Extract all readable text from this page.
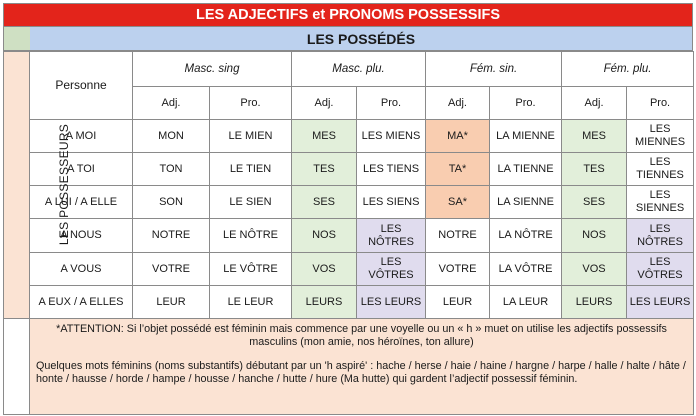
LES ADJECTIFS et PRONOMS POSSESSIFS
LES POSSÉDÉS
LES POSSESSEURS	Personne	Masc. sing		Masc. plu.		Fém. sin.		Fém. plu.	
		Adj.	Pro.	Adj.	Pro.	Adj.	Pro.	Adj.	Pro.
	A MOI	MON	LE MIEN	MES	LES MIENS	MA*	LA MIENNE	MES	LES MIENNES
	A TOI	TON	LE TIEN	TES	LES TIENS	TA*	LA TIENNE	TES	LES TIENNES
	A LUI / A ELLE	SON	LE SIEN	SES	LES SIENS	SA*	LA SIENNE	SES	LES SIENNES
	A NOUS	NOTRE	LE NÔTRE	NOS	LES NÔTRES	NOTRE	LA NÔTRE	NOS	LES NÔTRES
	A VOUS	VOTRE	LE VÔTRE	VOS	LES VÔTRES	VOTRE	LA VÔTRE	VOS	LES VÔTRES
	A EUX / A ELLES	LEUR	LE LEUR	LEURS	LES LEURS	LEUR	LA LEUR	LEURS	LES LEURS

	*ATTENTION: Si l’objet possédé est féminin mais commence par une voyelle ou un « h » muet on utilise les adjectifs possessifs masculins (mon amie, nos héroïnes, ton allure)
Quelques mots féminins (noms substantifs) débutant par un 'h aspiré' : hache / herse / haie / haine / hargne / harpe / halle / halte / hâte / honte / hausse / horde / hampe / housse / hanche / hutte / hure (Ma hutte) qui gardent l’adjectif possessif féminin.								
